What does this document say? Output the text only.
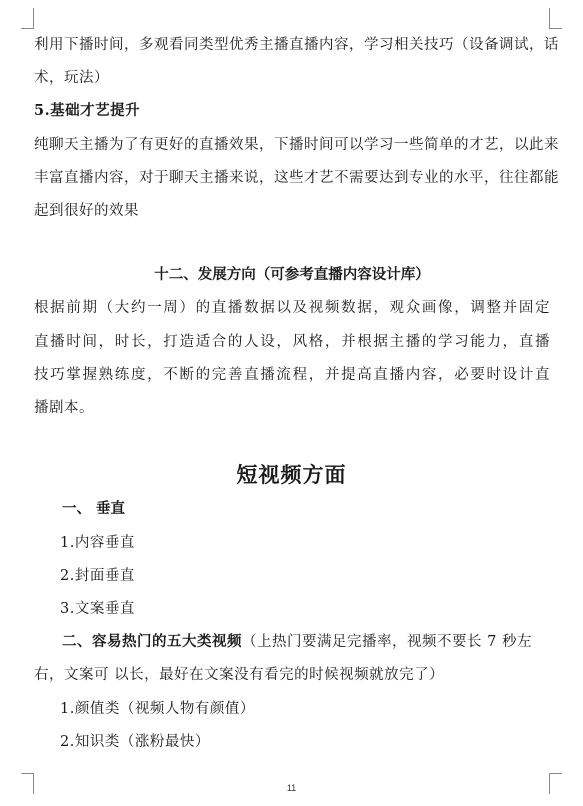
利用下播时间，多观看同类型优秀主播直播内容，学习相关技巧（设备调试，话
术，玩法）
5.基础才艺提升
纯聊天主播为了有更好的直播效果，下播时间可以学习一些简单的才艺，以此来
丰富直播内容，对于聊天主播来说，这些才艺不需要达到专业的水平，往往都能
起到很好的效果
十二、发展方向（可参考直播内容设计库）
根据前期（大约一周）的直播数据以及视频数据，观众画像，调整并固定
直播时间，时长，打造适合的人设，风格，并根据主播的学习能力，直播
技巧掌握熟练度，不断的完善直播流程，并提高直播内容，必要时设计直
播剧本。
短视频方面
一、 垂直
1.内容垂直
2.封面垂直
3.文案垂直
二、容易热门的五大类视频（上热门要满足完播率，视频不要长 7 秒左
右，文案可 以长，最好在文案没有看完的时候视频就放完了）
1.颜值类（视频人物有颜值）
2.知识类（涨粉最快）
11
